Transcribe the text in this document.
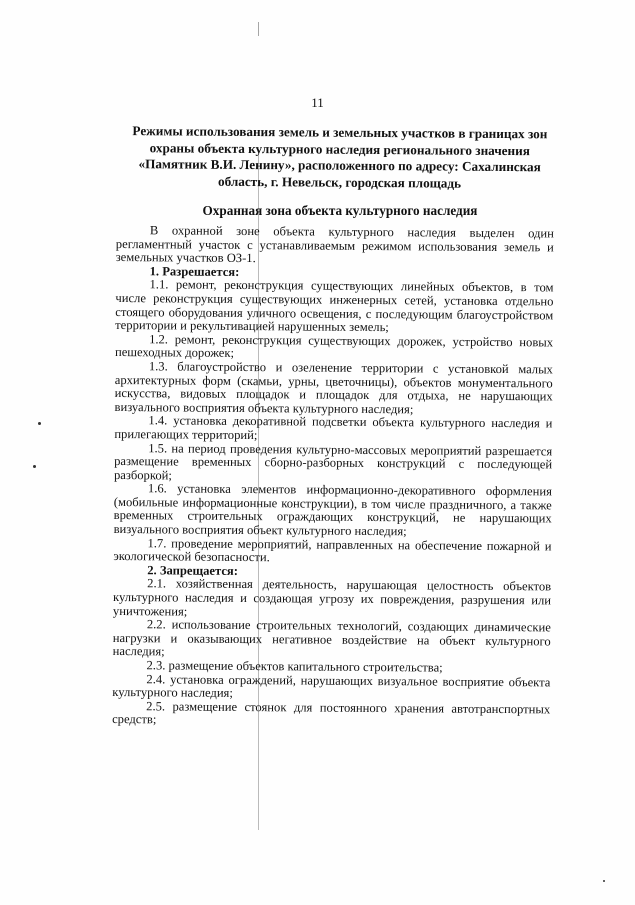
11
Режимы использования земель и земельных участков в границах зон охраны объекта культурного наследия регионального значения «Памятник В.И. Ленину», расположенного по адресу: Сахалинская область, г. Невельск, городская площадь
Охранная зона объекта культурного наследия

В охранной зоне объекта культурного наследия выделен один регламентный участок с устанавливаемым режимом использования земель и земельных участков ОЗ-1.

1. Разрешается:

1.1. ремонт, реконструкция существующих линейных объектов, в том числе реконструкция существующих инженерных сетей, установка отдельно стоящего оборудования уличного освещения, с последующим благоустройством территории и рекультивацией нарушенных земель;

1.2. ремонт, реконструкция существующих дорожек, устройство новых пешеходных дорожек;

1.3. благоустройство и озеленение территории с установкой малых архитектурных форм (скамьи, урны, цветочницы), объектов монументального искусства, видовых площадок и площадок для отдыха, не нарушающих визуального восприятия объекта культурного наследия;

1.4. установка декоративной подсветки объекта культурного наследия и прилегающих территорий;

1.5. на период проведения культурно-массовых мероприятий разрешается размещение временных сборно-разборных конструкций с последующей разборкой;

1.6. установка элементов информационно-декоративного оформления (мобильные информационные конструкции), в том числе праздничного, а также временных строительных ограждающих конструкций, не нарушающих визуального восприятия объект культурного наследия;

1.7. проведение мероприятий, направленных на обеспечение пожарной и экологической безопасности.

2. Запрещается:

2.1. хозяйственная деятельность, нарушающая целостность объектов культурного наследия и создающая угрозу их повреждения, разрушения или уничтожения;

2.2. использование строительных технологий, создающих динамические нагрузки и оказывающих негативное воздействие на объект культурного наследия;

2.3. размещение объектов капитального строительства;

2.4. установка ограждений, нарушающих визуальное восприятие объекта культурного наследия;

2.5. размещение стоянок для постоянного хранения автотранспортных средств;
